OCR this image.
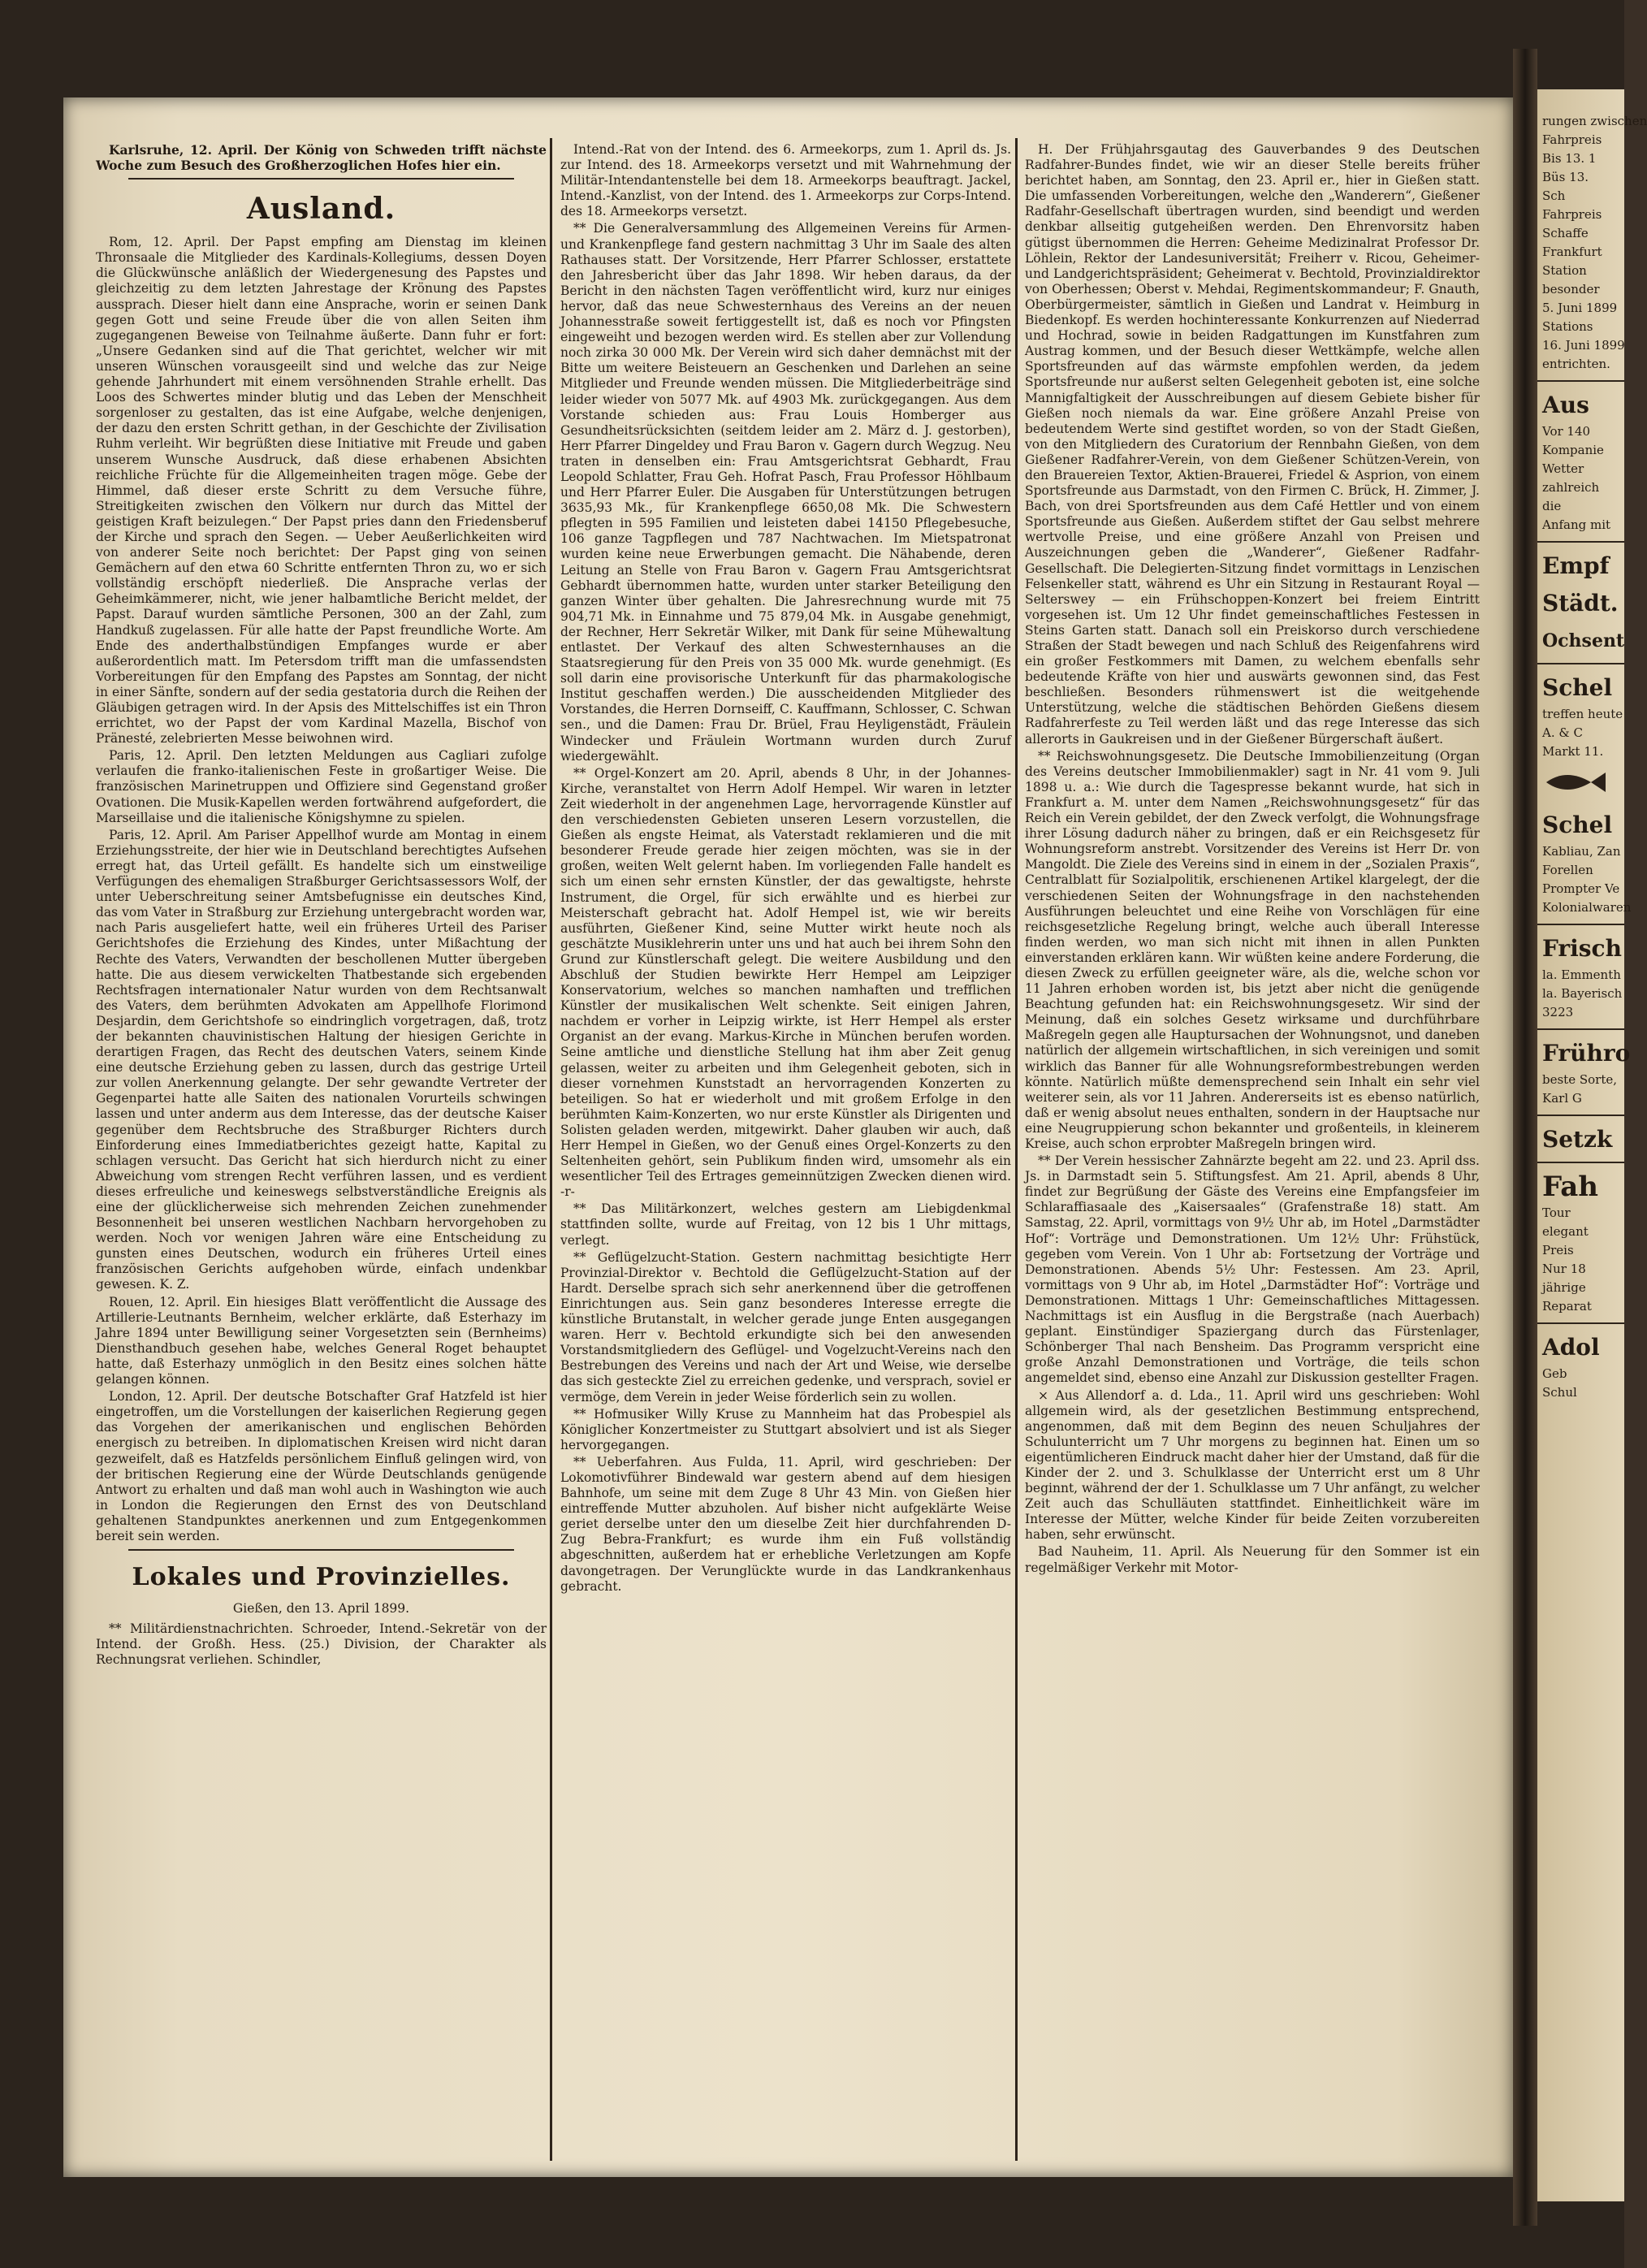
Karlsruhe, 12. April. Der König von Schweden trifft nächste Woche zum Besuch des Großherzoglichen Hofes hier ein.

Ausland.

Rom, 12. April. Der Papst empfing am Dienstag im kleinen Thronsaale die Mitglieder des Kardinals-Kollegiums, dessen Doyen die Glückwünsche anläßlich der Wiedergenesung des Papstes und gleichzeitig zu dem letzten Jahrestage der Krönung des Papstes aussprach. Dieser hielt dann eine Ansprache, worin er seinen Dank gegen Gott und seine Freude über die von allen Seiten ihm zugegangenen Beweise von Teilnahme äußerte. Dann fuhr er fort: „Unsere Gedanken sind auf die That gerichtet, welcher wir mit unseren Wünschen vorausgeeilt sind und welche das zur Neige gehende Jahrhundert mit einem versöhnenden Strahle erhellt. Das Loos des Schwertes minder blutig und das Leben der Menschheit sorgenloser zu gestalten, das ist eine Aufgabe, welche denjenigen, der dazu den ersten Schritt gethan, in der Geschichte der Zivilisation Ruhm verleiht. Wir begrüßten diese Initiative mit Freude und gaben unserem Wunsche Ausdruck, daß diese erhabenen Absichten reichliche Früchte für die Allgemeinheiten tragen möge. Gebe der Himmel, daß dieser erste Schritt zu dem Versuche führe, Streitigkeiten zwischen den Völkern nur durch das Mittel der geistigen Kraft beizulegen.“ Der Papst pries dann den Friedensberuf der Kirche und sprach den Segen. — Ueber Aeußerlichkeiten wird von anderer Seite noch berichtet: Der Papst ging von seinen Gemächern auf den etwa 60 Schritte entfernten Thron zu, wo er sich vollständig erschöpft niederließ. Die Ansprache verlas der Geheimkämmerer, nicht, wie jener halbamtliche Bericht meldet, der Papst. Darauf wurden sämtliche Personen, 300 an der Zahl, zum Handkuß zugelassen. Für alle hatte der Papst freundliche Worte. Am Ende des anderthalbstündigen Empfanges wurde er aber außerordentlich matt. Im Petersdom trifft man die umfassendsten Vorbereitungen für den Empfang des Papstes am Sonntag, der nicht in einer Sänfte, sondern auf der sedia gestatoria durch die Reihen der Gläubigen getragen wird. In der Apsis des Mittelschiffes ist ein Thron errichtet, wo der Papst der vom Kardinal Mazella, Bischof von Pränesté, zelebrierten Messe beiwohnen wird.

Paris, 12. April. Den letzten Meldungen aus Cagliari zufolge verlaufen die franko-italienischen Feste in großartiger Weise. Die französischen Marinetruppen und Offiziere sind Gegenstand großer Ovationen. Die Musik-Kapellen werden fortwährend aufgefordert, die Marseillaise und die italienische Königshymne zu spielen.

Paris, 12. April. Am Pariser Appellhof wurde am Montag in einem Erziehungsstreite, der hier wie in Deutschland berechtigtes Aufsehen erregt hat, das Urteil gefällt. Es handelte sich um einstweilige Verfügungen des ehemaligen Straßburger Gerichtsassessors Wolf, der unter Ueberschreitung seiner Amtsbefugnisse ein deutsches Kind, das vom Vater in Straßburg zur Erziehung untergebracht worden war, nach Paris ausgeliefert hatte, weil ein früheres Urteil des Pariser Gerichtshofes die Erziehung des Kindes, unter Mißachtung der Rechte des Vaters, Verwandten der beschollenen Mutter übergeben hatte. Die aus diesem verwickelten Thatbestande sich ergebenden Rechtsfragen internationaler Natur wurden von dem Rechtsanwalt des Vaters, dem berühmten Advokaten am Appellhofe Florimond Desjardin, dem Gerichtshofe so eindringlich vorgetragen, daß, trotz der bekannten chauvinistischen Haltung der hiesigen Gerichte in derartigen Fragen, das Recht des deutschen Vaters, seinem Kinde eine deutsche Erziehung geben zu lassen, durch das gestrige Urteil zur vollen Anerkennung gelangte. Der sehr gewandte Vertreter der Gegenpartei hatte alle Saiten des nationalen Vorurteils schwingen lassen und unter anderm aus dem Interesse, das der deutsche Kaiser gegenüber dem Rechtsbruche des Straßburger Richters durch Einforderung eines Immediatberichtes gezeigt hatte, Kapital zu schlagen versucht. Das Gericht hat sich hierdurch nicht zu einer Abweichung vom strengen Recht verführen lassen, und es verdient dieses erfreuliche und keineswegs selbstverständliche Ereignis als eine der glücklicherweise sich mehrenden Zeichen zunehmender Besonnenheit bei unseren westlichen Nachbarn hervorgehoben zu werden. Noch vor wenigen Jahren wäre eine Entscheidung zu gunsten eines Deutschen, wodurch ein früheres Urteil eines französischen Gerichts aufgehoben würde, einfach undenkbar gewesen. K. Z.

Rouen, 12. April. Ein hiesiges Blatt veröffentlicht die Aussage des Artillerie-Leutnants Bernheim, welcher erklärte, daß Esterhazy im Jahre 1894 unter Bewilligung seiner Vorgesetzten sein (Bernheims) Diensthandbuch gesehen habe, welches General Roget behauptet hatte, daß Esterhazy unmöglich in den Besitz eines solchen hätte gelangen können.

London, 12. April. Der deutsche Botschafter Graf Hatzfeld ist hier eingetroffen, um die Vorstellungen der kaiserlichen Regierung gegen das Vorgehen der amerikanischen und englischen Behörden energisch zu betreiben. In diplomatischen Kreisen wird nicht daran gezweifelt, daß es Hatzfelds persönlichem Einfluß gelingen wird, von der britischen Regierung eine der Würde Deutschlands genügende Antwort zu erhalten und daß man wohl auch in Washington wie auch in London die Regierungen den Ernst des von Deutschland gehaltenen Standpunktes anerkennen und zum Entgegenkommen bereit sein werden.

Lokales und Provinzielles.
Gießen, den 13. April 1899.

** Militärdienstnachrichten. Schroeder, Intend.-Sekretär von der Intend. der Großh. Hess. (25.) Division, der Charakter als Rechnungsrat verliehen. Schindler,

Intend.-Rat von der Intend. des 6. Armeekorps, zum 1. April ds. Js. zur Intend. des 18. Armeekorps versetzt und mit Wahrnehmung der Militär-Intendantenstelle bei dem 18. Armeekorps beauftragt. Jackel, Intend.-Kanzlist, von der Intend. des 1. Armeekorps zur Corps-Intend. des 18. Armeekorps versetzt.

** Die Generalversammlung des Allgemeinen Vereins für Armen- und Krankenpflege fand gestern nachmittag 3 Uhr im Saale des alten Rathauses statt. Der Vorsitzende, Herr Pfarrer Schlosser, erstattete den Jahresbericht über das Jahr 1898. Wir heben daraus, da der Bericht in den nächsten Tagen veröffentlicht wird, kurz nur einiges hervor, daß das neue Schwesternhaus des Vereins an der neuen Johannesstraße soweit fertiggestellt ist, daß es noch vor Pfingsten eingeweiht und bezogen werden wird. Es stellen aber zur Vollendung noch zirka 30 000 Mk. Der Verein wird sich daher demnächst mit der Bitte um weitere Beisteuern an Geschenken und Darlehen an seine Mitglieder und Freunde wenden müssen. Die Mitgliederbeiträge sind leider wieder von 5077 Mk. auf 4903 Mk. zurückgegangen. Aus dem Vorstande schieden aus: Frau Louis Homberger aus Gesundheitsrücksichten (seitdem leider am 2. März d. J. gestorben), Herr Pfarrer Dingeldey und Frau Baron v. Gagern durch Wegzug. Neu traten in denselben ein: Frau Amtsgerichtsrat Gebhardt, Frau Leopold Schlatter, Frau Geh. Hofrat Pasch, Frau Professor Höhlbaum und Herr Pfarrer Euler. Die Ausgaben für Unterstützungen betrugen 3635,93 Mk., für Krankenpflege 6650,08 Mk. Die Schwestern pflegten in 595 Familien und leisteten dabei 14150 Pflegebesuche, 106 ganze Tagpflegen und 787 Nachtwachen. Im Mietspatronat wurden keine neue Erwerbungen gemacht. Die Nähabende, deren Leitung an Stelle von Frau Baron v. Gagern Frau Amtsgerichtsrat Gebhardt übernommen hatte, wurden unter starker Beteiligung den ganzen Winter über gehalten. Die Jahresrechnung wurde mit 75 904,71 Mk. in Einnahme und 75 879,04 Mk. in Ausgabe genehmigt, der Rechner, Herr Sekretär Wilker, mit Dank für seine Mühewaltung entlastet. Der Verkauf des alten Schwesternhauses an die Staatsregierung für den Preis von 35 000 Mk. wurde genehmigt. (Es soll darin eine provisorische Unterkunft für das pharmakologische Institut geschaffen werden.) Die ausscheidenden Mitglieder des Vorstandes, die Herren Dornseiff, C. Kauffmann, Schlosser, C. Schwan sen., und die Damen: Frau Dr. Brüel, Frau Heyligenstädt, Fräulein Windecker und Fräulein Wortmann wurden durch Zuruf wiedergewählt.

** Orgel-Konzert am 20. April, abends 8 Uhr, in der Johannes-Kirche, veranstaltet von Herrn Adolf Hempel. Wir waren in letzter Zeit wiederholt in der angenehmen Lage, hervorragende Künstler auf den verschiedensten Gebieten unseren Lesern vorzustellen, die Gießen als engste Heimat, als Vaterstadt reklamieren und die mit besonderer Freude gerade hier zeigen möchten, was sie in der großen, weiten Welt gelernt haben. Im vorliegenden Falle handelt es sich um einen sehr ernsten Künstler, der das gewaltigste, hehrste Instrument, die Orgel, für sich erwählte und es hierbei zur Meisterschaft gebracht hat. Adolf Hempel ist, wie wir bereits ausführten, Gießener Kind, seine Mutter wirkt heute noch als geschätzte Musiklehrerin unter uns und hat auch bei ihrem Sohn den Grund zur Künstlerschaft gelegt. Die weitere Ausbildung und den Abschluß der Studien bewirkte Herr Hempel am Leipziger Konservatorium, welches so manchen namhaften und trefflichen Künstler der musikalischen Welt schenkte. Seit einigen Jahren, nachdem er vorher in Leipzig wirkte, ist Herr Hempel als erster Organist an der evang. Markus-Kirche in München berufen worden. Seine amtliche und dienstliche Stellung hat ihm aber Zeit genug gelassen, weiter zu arbeiten und ihm Gelegenheit geboten, sich in dieser vornehmen Kunststadt an hervorragenden Konzerten zu beteiligen. So hat er wiederholt und mit großem Erfolge in den berühmten Kaim-Konzerten, wo nur erste Künstler als Dirigenten und Solisten geladen werden, mitgewirkt. Daher glauben wir auch, daß Herr Hempel in Gießen, wo der Genuß eines Orgel-Konzerts zu den Seltenheiten gehört, sein Publikum finden wird, umsomehr als ein wesentlicher Teil des Ertrages gemeinnützigen Zwecken dienen wird. -r-

** Das Militärkonzert, welches gestern am Liebigdenkmal stattfinden sollte, wurde auf Freitag, von 12 bis 1 Uhr mittags, verlegt.

** Geflügelzucht-Station. Gestern nachmittag besichtigte Herr Provinzial-Direktor v. Bechtold die Geflügelzucht-Station auf der Hardt. Derselbe sprach sich sehr anerkennend über die getroffenen Einrichtungen aus. Sein ganz besonderes Interesse erregte die künstliche Brutanstalt, in welcher gerade junge Enten ausgegangen waren. Herr v. Bechtold erkundigte sich bei den anwesenden Vorstandsmitgliedern des Geflügel- und Vogelzucht-Vereins nach den Bestrebungen des Vereins und nach der Art und Weise, wie derselbe das sich gesteckte Ziel zu erreichen gedenke, und versprach, soviel er vermöge, dem Verein in jeder Weise förderlich sein zu wollen.

** Hofmusiker Willy Kruse zu Mannheim hat das Probespiel als Königlicher Konzertmeister zu Stuttgart absolviert und ist als Sieger hervorgegangen.

** Ueberfahren. Aus Fulda, 11. April, wird geschrieben: Der Lokomotivführer Bindewald war gestern abend auf dem hiesigen Bahnhofe, um seine mit dem Zuge 8 Uhr 43 Min. von Gießen hier eintreffende Mutter abzuholen. Auf bisher nicht aufgeklärte Weise geriet derselbe unter den um dieselbe Zeit hier durchfahrenden D-Zug Bebra-Frankfurt; es wurde ihm ein Fuß vollständig abgeschnitten, außerdem hat er erhebliche Verletzungen am Kopfe davongetragen. Der Verunglückte wurde in das Landkrankenhaus gebracht.

H. Der Frühjahrsgautag des Gauverbandes 9 des Deutschen Radfahrer-Bundes findet, wie wir an dieser Stelle bereits früher berichtet haben, am Sonntag, den 23. April er., hier in Gießen statt. Die umfassenden Vorbereitungen, welche den „Wanderern“, Gießener Radfahr-Gesellschaft übertragen wurden, sind beendigt und werden denkbar allseitig gutgeheißen werden. Den Ehrenvorsitz haben gütigst übernommen die Herren: Geheime Medizinalrat Professor Dr. Löhlein, Rektor der Landesuniversität; Freiherr v. Ricou, Geheimer- und Landgerichtspräsident; Geheimerat v. Bechtold, Provinzialdirektor von Oberhessen; Oberst v. Mehdai, Regimentskommandeur; F. Gnauth, Oberbürgermeister, sämtlich in Gießen und Landrat v. Heimburg in Biedenkopf. Es werden hochinteressante Konkurrenzen auf Niederrad und Hochrad, sowie in beiden Radgattungen im Kunstfahren zum Austrag kommen, und der Besuch dieser Wettkämpfe, welche allen Sportsfreunden auf das wärmste empfohlen werden, da jedem Sportsfreunde nur außerst selten Gelegenheit geboten ist, eine solche Mannigfaltigkeit der Ausschreibungen auf diesem Gebiete bisher für Gießen noch niemals da war. Eine größere Anzahl Preise von bedeutendem Werte sind gestiftet worden, so von der Stadt Gießen, von den Mitgliedern des Curatorium der Rennbahn Gießen, von dem Gießener Radfahrer-Verein, von dem Gießener Schützen-Verein, von den Brauereien Textor, Aktien-Brauerei, Friedel & Asprion, von einem Sportsfreunde aus Darmstadt, von den Firmen C. Brück, H. Zimmer, J. Bach, von drei Sportsfreunden aus dem Café Hettler und von einem Sportsfreunde aus Gießen. Außerdem stiftet der Gau selbst mehrere wertvolle Preise, und eine größere Anzahl von Preisen und Auszeichnungen geben die „Wanderer“, Gießener Radfahr-Gesellschaft. Die Delegierten-Sitzung findet vormittags in Lenzischen Felsenkeller statt, während es Uhr ein Sitzung in Restaurant Royal — Selterswey — ein Frühschoppen-Konzert bei freiem Eintritt vorgesehen ist. Um 12 Uhr findet gemeinschaftliches Festessen in Steins Garten statt. Danach soll ein Preiskorso durch verschiedene Straßen der Stadt bewegen und nach Schluß des Reigenfahrens wird ein großer Festkommers mit Damen, zu welchem ebenfalls sehr bedeutende Kräfte von hier und auswärts gewonnen sind, das Fest beschließen. Besonders rühmenswert ist die weitgehende Unterstützung, welche die städtischen Behörden Gießens diesem Radfahrerfeste zu Teil werden läßt und das rege Interesse das sich allerorts in Gaukreisen und in der Gießener Bürgerschaft äußert.

** Reichswohnungsgesetz. Die Deutsche Immobilienzeitung (Organ des Vereins deutscher Immobilienmakler) sagt in Nr. 41 vom 9. Juli 1898 u. a.: Wie durch die Tagespresse bekannt wurde, hat sich in Frankfurt a. M. unter dem Namen „Reichswohnungsgesetz“ für das Reich ein Verein gebildet, der den Zweck verfolgt, die Wohnungsfrage ihrer Lösung dadurch näher zu bringen, daß er ein Reichsgesetz für Wohnungsreform anstrebt. Vorsitzender des Vereins ist Herr Dr. von Mangoldt. Die Ziele des Vereins sind in einem in der „Sozialen Praxis“, Centralblatt für Sozialpolitik, erschienenen Artikel klargelegt, der die verschiedenen Seiten der Wohnungsfrage in den nachstehenden Ausführungen beleuchtet und eine Reihe von Vorschlägen für eine reichsgesetzliche Regelung bringt, welche auch überall Interesse finden werden, wo man sich nicht mit ihnen in allen Punkten einverstanden erklären kann. Wir wüßten keine andere Forderung, die diesen Zweck zu erfüllen geeigneter wäre, als die, welche schon vor 11 Jahren erhoben worden ist, bis jetzt aber nicht die genügende Beachtung gefunden hat: ein Reichswohnungsgesetz. Wir sind der Meinung, daß ein solches Gesetz wirksame und durchführbare Maßregeln gegen alle Hauptursachen der Wohnungsnot, und daneben natürlich der allgemein wirtschaftlichen, in sich vereinigen und somit wirklich das Banner für alle Wohnungsreformbestrebungen werden könnte. Natürlich müßte demensprechend sein Inhalt ein sehr viel weiterer sein, als vor 11 Jahren. Andererseits ist es ebenso natürlich, daß er wenig absolut neues enthalten, sondern in der Hauptsache nur eine Neugruppierung schon bekannter und großenteils, in kleinerem Kreise, auch schon erprobter Maßregeln bringen wird.

** Der Verein hessischer Zahnärzte begeht am 22. und 23. April dss. Js. in Darmstadt sein 5. Stiftungsfest. Am 21. April, abends 8 Uhr, findet zur Begrüßung der Gäste des Vereins eine Empfangsfeier im Schlaraffiasaale des „Kaisersaales“ (Grafenstraße 18) statt. Am Samstag, 22. April, vormittags von 9½ Uhr ab, im Hotel „Darmstädter Hof“: Vorträge und Demonstrationen. Um 12½ Uhr: Frühstück, gegeben vom Verein. Von 1 Uhr ab: Fortsetzung der Vorträge und Demonstrationen. Abends 5½ Uhr: Festessen. Am 23. April, vormittags von 9 Uhr ab, im Hotel „Darmstädter Hof“: Vorträge und Demonstrationen. Mittags 1 Uhr: Gemeinschaftliches Mittagessen. Nachmittags ist ein Ausflug in die Bergstraße (nach Auerbach) geplant. Einstündiger Spaziergang durch das Fürstenlager, Schönberger Thal nach Bensheim. Das Programm verspricht eine große Anzahl Demonstrationen und Vorträge, die teils schon angemeldet sind, ebenso eine Anzahl zur Diskussion gestellter Fragen.

⨯ Aus Allendorf a. d. Lda., 11. April wird uns geschrieben: Wohl allgemein wird, als der gesetzlichen Bestimmung entsprechend, angenommen, daß mit dem Beginn des neuen Schuljahres der Schulunterricht um 7 Uhr morgens zu beginnen hat. Einen um so eigentümlicheren Eindruck macht daher hier der Umstand, daß für die Kinder der 2. und 3. Schulklasse der Unterricht erst um 8 Uhr beginnt, während der der 1. Schulklasse um 7 Uhr anfängt, zu welcher Zeit auch das Schulläuten stattfindet. Einheitlichkeit wäre im Interesse der Mütter, welche Kinder für beide Zeiten vorzubereiten haben, sehr erwünscht.

Bad Nauheim, 11. April. Als Neuerung für den Sommer ist ein regelmäßiger Verkehr mit Motor-

rungen zwischen
Fahrpreis
Bis 13. 1
Büs 13.
Sch
Fahrpreis
Schaffe
Frankfurt
Station
besonder
5. Juni 1899
Stations
16. Juni 1899
entrichten.
Aus
Vor 140
Kompanie
Wetter
zahlreich
die
Anfang mit
Empf
Städt.
Ochsent
Schel
treffen heute
A. & C
Markt 11.
Schel
Kabliau, Zan
Forellen
Prompter Ve
Kolonialwaren
Frisch
la. Emmenth
la. Bayerisch
3223
Frühro
beste Sorte,
Karl G
Setzk
Fah
Tour
elegant
Preis
Nur 18
jährige
Reparat
Adol
Geb
Schul
